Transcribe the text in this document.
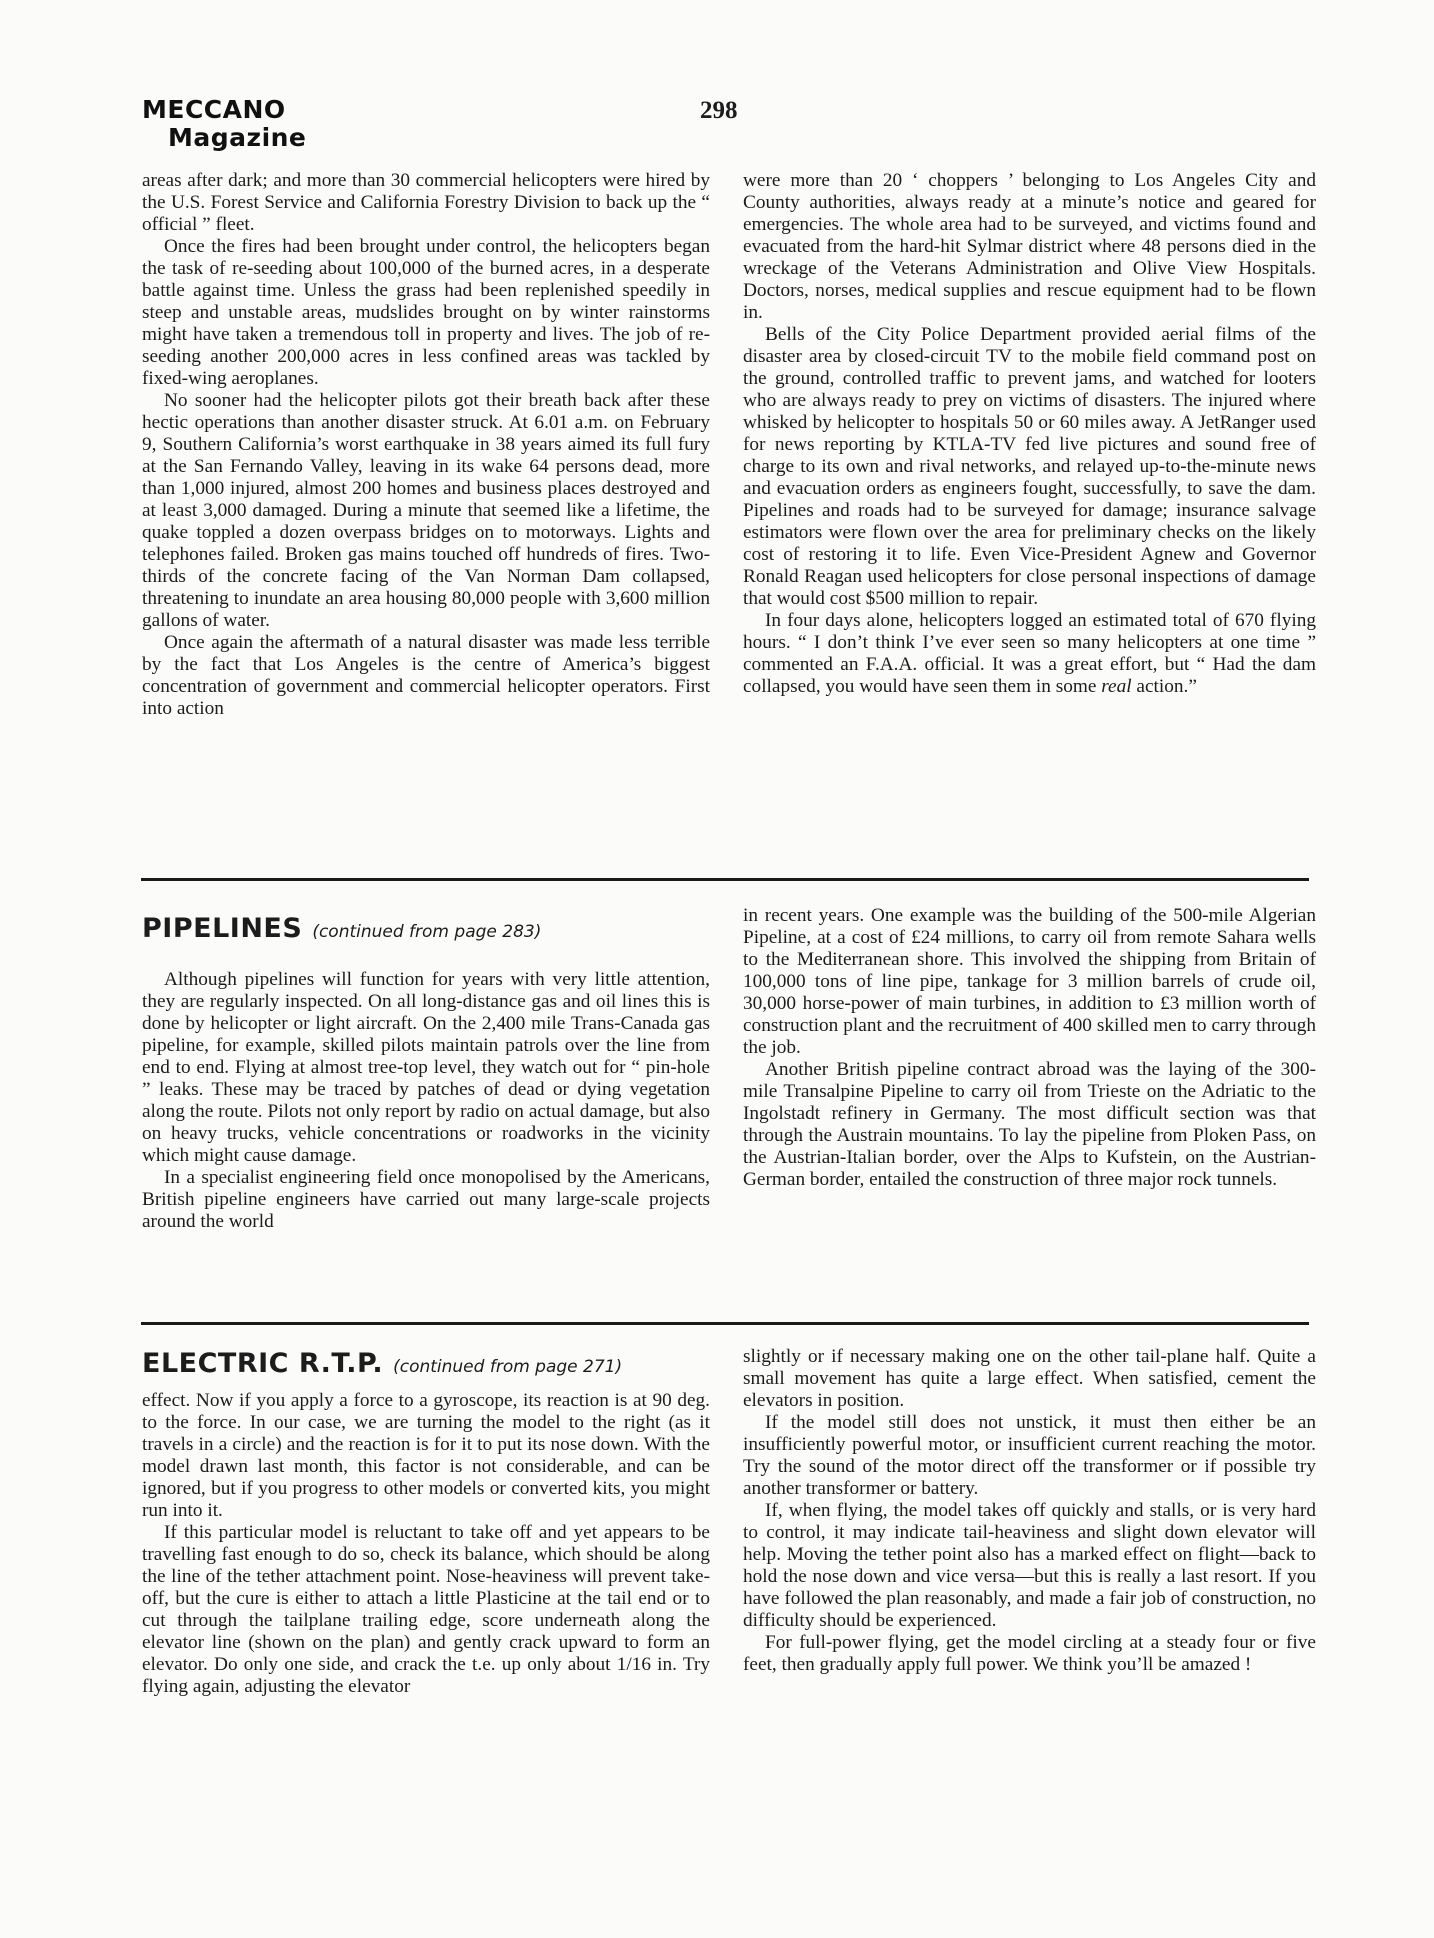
MECCANO
Magazine
298

areas after dark; and more than 30 commercial helicopters were hired by the U.S. Forest Service and California Forestry Division to back up the “ official ” fleet.

Once the fires had been brought under control, the helicopters began the task of re-seeding about 100,000 of the burned acres, in a desperate battle against time. Unless the grass had been replenished speedily in steep and unstable areas, mudslides brought on by winter rainstorms might have taken a tremendous toll in property and lives. The job of re-seeding another 200,000 acres in less confined areas was tackled by fixed-wing aeroplanes.

No sooner had the helicopter pilots got their breath back after these hectic operations than another disaster struck. At 6.01 a.m. on February 9, Southern California’s worst earthquake in 38 years aimed its full fury at the San Fernando Valley, leaving in its wake 64 persons dead, more than 1,000 injured, almost 200 homes and business places destroyed and at least 3,000 damaged. During a minute that seemed like a lifetime, the quake toppled a dozen overpass bridges on to motorways. Lights and telephones failed. Broken gas mains touched off hundreds of fires. Two-thirds of the concrete facing of the Van Norman Dam collapsed, threatening to inundate an area housing 80,000 people with 3,600 million gallons of water.

Once again the aftermath of a natural disaster was made less terrible by the fact that Los Angeles is the centre of America’s biggest concentration of government and commercial helicopter operators. First into action

were more than 20 ‘ choppers ’ belonging to Los Angeles City and County authorities, always ready at a minute’s notice and geared for emergencies. The whole area had to be surveyed, and victims found and evacuated from the hard-hit Sylmar district where 48 persons died in the wreckage of the Veterans Administration and Olive View Hospitals. Doctors, norses, medical supplies and rescue equipment had to be flown in.

Bells of the City Police Department provided aerial films of the disaster area by closed-circuit TV to the mobile field command post on the ground, controlled traffic to prevent jams, and watched for looters who are always ready to prey on victims of disasters. The injured where whisked by helicopter to hospitals 50 or 60 miles away. A JetRanger used for news reporting by KTLA-TV fed live pictures and sound free of charge to its own and rival networks, and relayed up-to-the-minute news and evacuation orders as engineers fought, successfully, to save the dam. Pipelines and roads had to be surveyed for damage; insurance salvage estimators were flown over the area for preliminary checks on the likely cost of restoring it to life. Even Vice-President Agnew and Governor Ronald Reagan used helicopters for close personal inspections of damage that would cost $500 million to repair.

In four days alone, helicopters logged an estimated total of 670 flying hours. “ I don’t think I’ve ever seen so many helicopters at one time ” commented an F.A.A. official. It was a great effort, but “ Had the dam collapsed, you would have seen them in some real action.”

PIPELINES (continued from page 283)

Although pipelines will function for years with very little attention, they are regularly inspected. On all long-distance gas and oil lines this is done by helicopter or light aircraft. On the 2,400 mile Trans-Canada gas pipeline, for example, skilled pilots maintain patrols over the line from end to end. Flying at almost tree-top level, they watch out for “ pin-hole ” leaks. These may be traced by patches of dead or dying vegetation along the route. Pilots not only report by radio on actual damage, but also on heavy trucks, vehicle concentrations or roadworks in the vicinity which might cause damage.

In a specialist engineering field once monopolised by the Americans, British pipeline engineers have carried out many large-scale projects around the world

in recent years. One example was the building of the 500-mile Algerian Pipeline, at a cost of £24 millions, to carry oil from remote Sahara wells to the Mediterranean shore. This involved the shipping from Britain of 100,000 tons of line pipe, tankage for 3 million barrels of crude oil, 30,000 horse-power of main turbines, in addition to £3 million worth of construction plant and the recruitment of 400 skilled men to carry through the job.

Another British pipeline contract abroad was the laying of the 300-mile Transalpine Pipeline to carry oil from Trieste on the Adriatic to the Ingolstadt refinery in Germany. The most difficult section was that through the Austrain mountains. To lay the pipeline from Ploken Pass, on the Austrian-Italian border, over the Alps to Kufstein, on the Austrian-German border, entailed the construction of three major rock tunnels.

ELECTRIC R.T.P. (continued from page 271)

effect. Now if you apply a force to a gyroscope, its reaction is at 90 deg. to the force. In our case, we are turning the model to the right (as it travels in a circle) and the reaction is for it to put its nose down. With the model drawn last month, this factor is not considerable, and can be ignored, but if you progress to other models or converted kits, you might run into it.

If this particular model is reluctant to take off and yet appears to be travelling fast enough to do so, check its balance, which should be along the line of the tether attachment point. Nose-heaviness will prevent take-off, but the cure is either to attach a little Plasticine at the tail end or to cut through the tailplane trailing edge, score underneath along the elevator line (shown on the plan) and gently crack upward to form an elevator. Do only one side, and crack the t.e. up only about 1/16 in. Try flying again, adjusting the elevator

slightly or if necessary making one on the other tail-plane half. Quite a small movement has quite a large effect. When satisfied, cement the elevators in position.

If the model still does not unstick, it must then either be an insufficiently powerful motor, or insufficient current reaching the motor. Try the sound of the motor direct off the transformer or if possible try another transformer or battery.

If, when flying, the model takes off quickly and stalls, or is very hard to control, it may indicate tail-heaviness and slight down elevator will help. Moving the tether point also has a marked effect on flight—back to hold the nose down and vice versa—but this is really a last resort. If you have followed the plan reasonably, and made a fair job of construction, no difficulty should be experienced.

For full-power flying, get the model circling at a steady four or five feet, then gradually apply full power. We think you’ll be amazed !
